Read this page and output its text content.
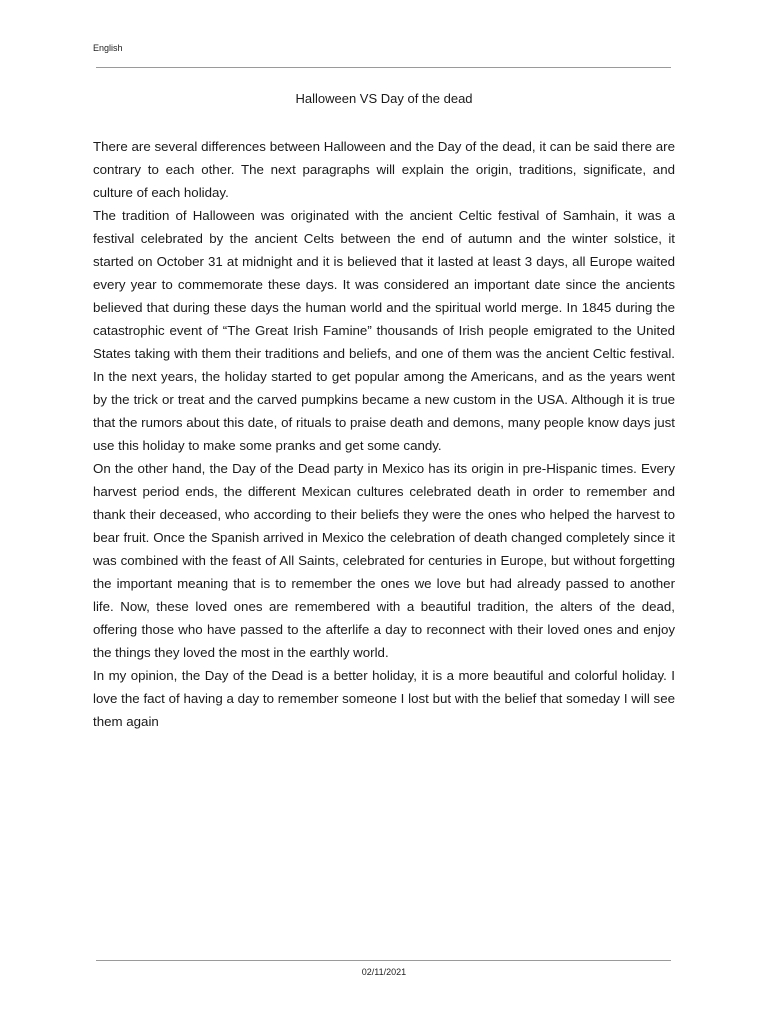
English
Halloween VS Day of the dead

There are several differences between Halloween and the Day of the dead, it can be said there are contrary to each other. The next paragraphs will explain the origin, traditions, significate, and culture of each holiday.

The tradition of Halloween was originated with the ancient Celtic festival of Samhain, it was a festival celebrated by the ancient Celts between the end of autumn and the winter solstice, it started on October 31 at midnight and it is believed that it lasted at least 3 days, all Europe waited every year to commemorate these days. It was considered an important date since the ancients believed that during these days the human world and the spiritual world merge. In 1845 during the catastrophic event of “The Great Irish Famine” thousands of Irish people emigrated to the United States taking with them their traditions and beliefs, and one of them was the ancient Celtic festival. In the next years, the holiday started to get popular among the Americans, and as the years went by the trick or treat and the carved pumpkins became a new custom in the USA. Although it is true that the rumors about this date, of rituals to praise death and demons, many people know days just use this holiday to make some pranks and get some candy.

On the other hand, the Day of the Dead party in Mexico has its origin in pre-Hispanic times. Every harvest period ends, the different Mexican cultures celebrated death in order to remember and thank their deceased, who according to their beliefs they were the ones who helped the harvest to bear fruit. Once the Spanish arrived in Mexico the celebration of death changed completely since it was combined with the feast of All Saints, celebrated for centuries in Europe, but without forgetting the important meaning that is to remember the ones we love but had already passed to another life. Now, these loved ones are remembered with a beautiful tradition, the alters of the dead, offering those who have passed to the afterlife a day to reconnect with their loved ones and enjoy the things they loved the most in the earthly world.

In my opinion, the Day of the Dead is a better holiday, it is a more beautiful and colorful holiday. I love the fact of having a day to remember someone I lost but with the belief that someday I will see them again

02/11/2021
